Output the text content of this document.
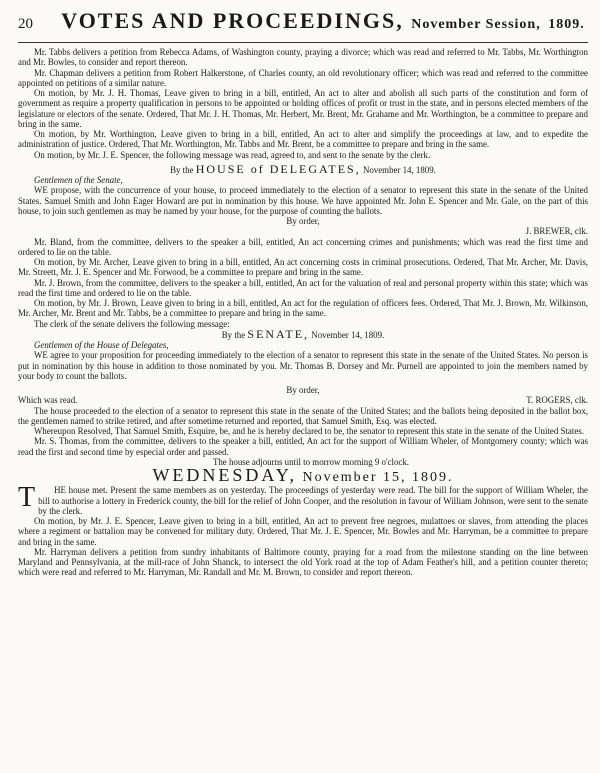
20	VOTES AND PROCEEDINGS, November Session, 1809.

Mr. Tabbs delivers a petition from Rebecca Adams, of Washington county, praying a divorce; which was read and referred to Mr. Tabbs, Mr. Worthington and Mr. Bowles, to consider and report thereon.

Mr. Chapman delivers a petition from Robert Halkerstone, of Charles county, an old revolutionary officer; which was read and referred to the committee appointed on petitions of a similar nature.

On motion, by Mr. J. H. Thomas, Leave given to bring in a bill, entitled, An act to alter and abolish all such parts of the constitution and form of government as require a property qualification in persons to be appointed or holding offices of profit or trust in the state, and in persons elected members of the legislature or electors of the senate. Ordered, That Mr. J. H. Thomas, Mr. Herbert, Mr. Brent, Mr. Grahame and Mr. Worthington, be a committee to prepare and bring in the same.

On motion, by Mr. Worthington, Leave given to bring in a bill, entitled, An act to alter and simplify the proceedings at law, and to expedite the administration of justice. Ordered, That Mr. Worthington, Mr. Tabbs and Mr. Brent, be a committee to prepare and bring in the same.

On motion, by Mr. J. E. Spencer, the following message was read, agreed to, and sent to the senate by the clerk.

By the HOUSE of DELEGATES, November 14, 1809.

Gentlemen of the Senate,

WE propose, with the concurrence of your house, to proceed immediately to the election of a senator to represent this state in the senate of the United States. Samuel Smith and John Eager Howard are put in nomination by this house. We have appointed Mr. John E. Spencer and Mr. Gale, on the part of this house, to join such gentlemen as may be named by your house, for the purpose of counting the ballots.

By order,
J. BREWER, clk.

Mr. Bland, from the committee, delivers to the speaker a bill, entitled, An act concerning crimes and punishments; which was read the first time and ordered to lie on the table.

On motion, by Mr. Archer, Leave given to bring in a bill, entitled, An act concerning costs in criminal prosecutions. Ordered, That Mr. Archer, Mr. Davis, Mr. Streett, Mr. J. E. Spencer and Mr. Forwood, be a committee to prepare and bring in the same.

Mr. J. Brown, from the committee, delivers to the speaker a bill, entitled, An act for the valuation of real and personal property within this state; which was read the first time and ordered to lie on the table.

On motion, by Mr. J. Brown, Leave given to bring in a bill, entitled, An act for the regulation of officers fees. Ordered, That Mr. J. Brown, Mr. Wilkinson, Mr. Archer, Mr. Brent and Mr. Tabbs, be a committee to prepare and bring in the same.

The clerk of the senate delivers the following message:

By the SENATE, November 14, 1809.

Gentlemen of the House of Delegates,

WE agree to your proposition for proceeding immediately to the election of a senator to represent this state in the senate of the United States. No person is put in nomination by this house in addition to those nominated by you. Mr. Thomas B. Dorsey and Mr. Purnell are appointed to join the members named by your body to count the ballots.

By order,
Which was read.	T. ROGERS, clk.

The house proceeded to the election of a senator to represent this state in the senate of the United States; and the ballots being deposited in the ballot box, the gentlemen named to strike retired, and after sometime returned and reported, that Samuel Smith, Esq. was elected.

Whereupon Resolved, That Samuel Smith, Esquire, be, and he is hereby declared to be, the senator to represent this state in the senate of the United States.

Mr. S. Thomas, from the committee, delivers to the speaker a bill, entitled, An act for the support of William Wheler, of Montgomery county; which was read the first and second time by especial order and passed.

The house adjourns until to morrow morning 9 o'clock.

WEDNESDAY, November 15, 1809.

T HE house met. Present the same members as on yesterday. The proceedings of yesterday were read. The bill for the support of William Wheler, the bill to authorise a lottery in Frederick county, the bill for the relief of John Cooper, and the resolution in favour of William Johnson, were sent to the senate by the clerk.

On motion, by Mr. J. E. Spencer, Leave given to bring in a bill, entitled, An act to prevent free negroes, mulattoes or slaves, from attending the places where a regiment or battalion may be convened for military duty. Ordered, That Mr. J. E. Spencer, Mr. Bowles and Mr. Harryman, be a committee to prepare and bring in the same.

Mr. Harryman delivers a petition from sundry inhabitants of Baltimore county, praying for a road from the milestone standing on the line between Maryland and Pennsylvania, at the mill-race of John Shanck, to intersect the old York road at the top of Adam Feather's hill, and a petition counter thereto; which were read and referred to Mr. Harryman, Mr. Randall and Mr. M. Brown, to consider and report thereon.
